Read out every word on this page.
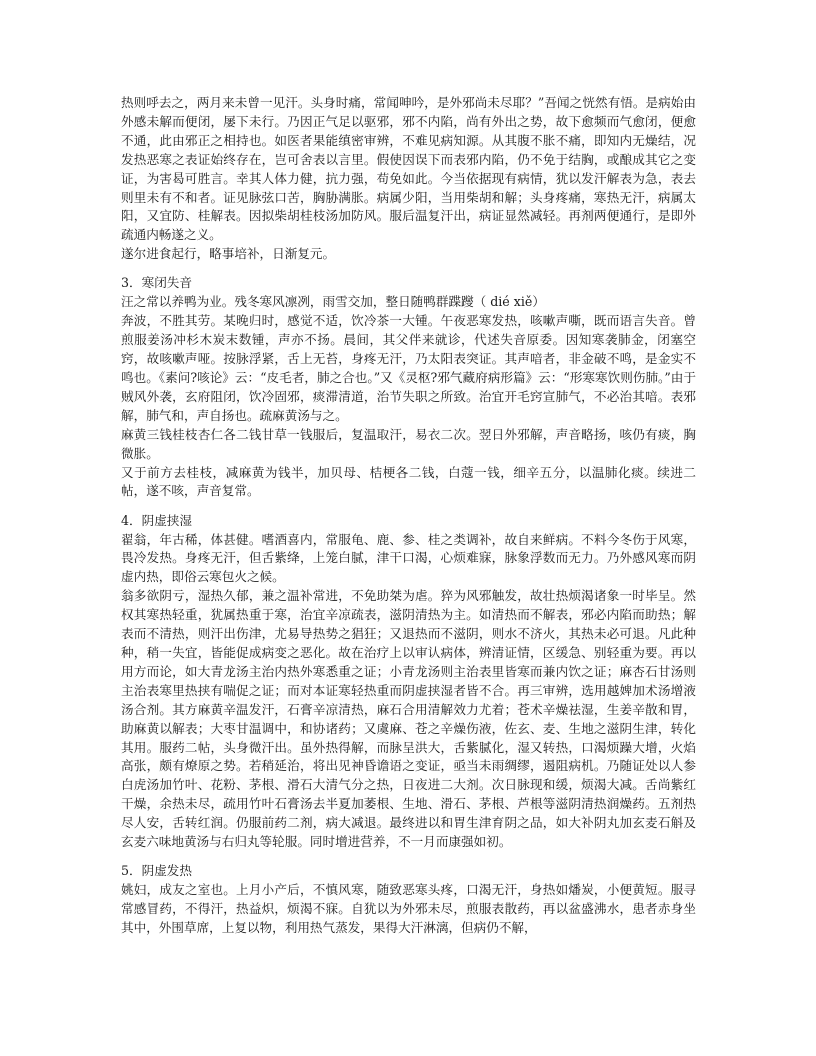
热则呼去之，两月来未曾一见汗。头身时痛，常闻呻吟，是外邪尚未尽耶？”吾闻之恍然有悟。是病始由外感未解而便闭，屡下未行。乃因正气足以驱邪，邪不内陷，尚有外出之势，故下愈频而气愈闭，便愈不通，此由邪正之相持也。如医者果能缜密审辨，不难见病知源。从其腹不胀不痛，即知内无燥结，况发热恶寒之表证始终存在，岂可舍表以言里。假使因误下而表邪内陷，仍不免于结胸，或酿成其它之变证，为害曷可胜言。幸其人体力健，抗力强，苟免如此。今当依据现有病情，犹以发汗解表为急，表去则里未有不和者。证见脉弦口苦，胸胁满胀。病属少阳，当用柴胡和解；头身疼痛，寒热无汗，病属太阳，又宜防、桂解表。因拟柴胡桂枝汤加防风。服后温复汗出，病证显然减轻。再剂两便通行，是即外疏通内畅遂之义。

遂尔进食起行，略事培补，日渐复元。

3．寒闭失音

汪之常以养鸭为业。残冬寒风凛冽，雨雪交加，整日随鸭群蹀躞（ dié xiě）

奔波，不胜其劳。某晚归时，感觉不适，饮冷茶一大锺。午夜恶寒发热，咳嗽声嘶，既而语言失音。曾煎服姜汤冲杉木炭末数锺，声亦不扬。晨间，其父伴来就诊，代述失音原委。因知寒袭肺金，闭塞空窍，故咳嗽声哑。按脉浮紧，舌上无苔，身疼无汗，乃太阳表突证。其声喑者，非金破不鸣，是金实不鸣也。《素问?咳论》云：“皮毛者，肺之合也。”又《灵枢?邪气藏府病形篇》云：“形寒寒饮则伤肺。”由于贼风外袭，玄府阻闭，饮冷固邪，痰滞清道，治节失职之所致。治宜开毛窍宣肺气，不必治其喑。表邪解，肺气和，声自扬也。疏麻黄汤与之。

麻黄三钱桂枝杏仁各二钱甘草一钱服后，复温取汗，易衣二次。翌日外邪解，声音略扬，咳仍有痰，胸微胀。

又于前方去桂枝，减麻黄为钱半，加贝母、桔梗各二钱，白蔻一钱，细辛五分，以温肺化痰。续进二帖，遂不咳，声音复常。

4．阴虚挟湿

翟翁，年古稀，体甚健。嗜酒喜内，常服龟、鹿、参、桂之类调补，故自来鲜病。不料今冬伤于风寒，畏冷发热。身疼无汗，但舌紫绛，上笼白腻，津干口渴，心烦难寐，脉象浮数而无力。乃外感风寒而阴虚内热，即俗云寒包火之候。

翁多欲阴亏，湿热久郁，兼之温补常进，不免助桀为虐。猝为风邪触发，故壮热烦渴诸象一时毕呈。然权其寒热轻重，犹属热重于寒，治宜辛凉疏表，滋阴清热为主。如清热而不解表，邪必内陷而助热；解表而不清热，则汗出伤津，尤易导热势之猖狂；又退热而不滋阴，则水不济火，其热未必可退。凡此种种，稍一失宜，皆能促成病变之恶化。故在治疗上以审认病体，辨清证情，区缓急、别轻重为要。再以用方而论，如大青龙汤主治内热外寒悉重之证；小青龙汤则主治表里皆寒而兼内饮之证；麻杏石甘汤则主治表寒里热挟有喘促之证；而对本证寒轻热重而阴虚挟湿者皆不合。再三审辨，选用越婢加术汤增液汤合剂。其方麻黄辛温发汗，石膏辛凉清热，麻石合用清解效力尤着；苍术辛燥祛湿，生姜辛散和胃，助麻黄以解表；大枣甘温调中，和协诸药；又虞麻、苍之辛燥伤液，佐玄、麦、生地之滋阴生津，转化其用。服药二帖，头身微汗出。虽外热得解，而脉呈洪大，舌紫腻化，湿又转热，口渴烦躁大增，火焰高张，颇有燎原之势。若稍延治，将出见神昏谵语之变证，亟当未雨绸缪，遏阻病机。乃随证处以人参白虎汤加竹叶、花粉、茅根、滑石大清气分之热，日夜进二大剂。次日脉现和缓，烦渴大减。舌尚紫红干燥，余热未尽，疏用竹叶石膏汤去半夏加萎根、生地、滑石、茅根、芦根等滋阴清热润燥药。五剂热尽人安，舌转红润。仍服前药二剂，病大减退。最终进以和胃生津育阴之品，如大补阴丸加玄麦石斛及玄麦六味地黄汤与右归丸等轮服。同时增进营养，不一月而康强如初。

5．阴虚发热

姚妇，成友之室也。上月小产后，不慎风寒，随致恶寒头疼，口渴无汗，身热如燔炭，小便黄短。服寻常感冒药，不得汗，热益炽，烦渴不寐。自犹以为外邪未尽，煎服表散药，再以盆盛沸水，患者赤身坐其中，外围草席，上复以物，利用热气蒸发，果得大汗淋漓，但病仍不解，
